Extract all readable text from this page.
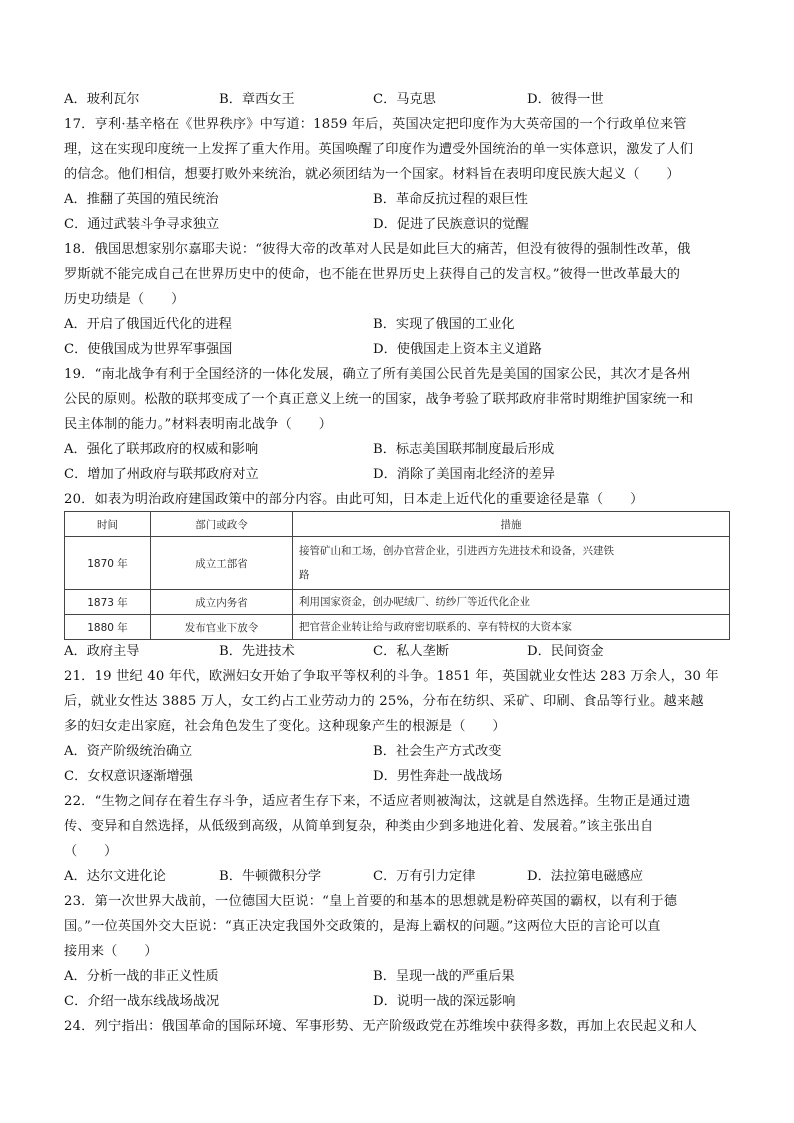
A．玻利瓦尔	B．章西女王	C．马克思	D．彼得一世
17．亨利·基辛格在《世界秩序》中写道：1859 年后，英国决定把印度作为大英帝国的一个行政单位来管
理，这在实现印度统一上发挥了重大作用。英国唤醒了印度作为遭受外国统治的单一实体意识，激发了人们
的信念。他们相信，想要打败外来统治，就必须团结为一个国家。材料旨在表明印度民族大起义（　　）
A．推翻了英国的殖民统治	B．革命反抗过程的艰巨性
C．通过武装斗争寻求独立	D．促进了民族意识的觉醒
18．俄国思想家别尔嘉耶夫说：“彼得大帝的改革对人民是如此巨大的痛苦，但没有彼得的强制性改革，俄
罗斯就不能完成自己在世界历史中的使命，也不能在世界历史上获得自己的发言权。”彼得一世改革最大的
历史功绩是（　　）
A．开启了俄国近代化的进程	B．实现了俄国的工业化
C．使俄国成为世界军事强国	D．使俄国走上资本主义道路
19．“南北战争有利于全国经济的一体化发展，确立了所有美国公民首先是美国的国家公民，其次才是各州
公民的原则。松散的联邦变成了一个真正意义上统一的国家，战争考验了联邦政府非常时期维护国家统一和
民主体制的能力。”材料表明南北战争（　　）
A．强化了联邦政府的权威和影响	B．标志美国联邦制度最后形成
C．增加了州政府与联邦政府对立	D．消除了美国南北经济的差异
20．如表为明治政府建国政策中的部分内容。由此可知，日本走上近代化的重要途径是靠（　　）
时间	部门或政令	措施
1870 年	成立工部省	接管矿山和工场，创办官营企业，引进西方先进技术和设备，兴建铁
路
1873 年	成立内务省	利用国家资金，创办呢绒厂、纺纱厂等近代化企业
1880 年	发布官业下放令	把官营企业转让给与政府密切联系的、享有特权的大资本家
A．政府主导	B．先进技术	C．私人垄断	D．民间资金
21．19 世纪 40 年代，欧洲妇女开始了争取平等权利的斗争。1851 年，英国就业女性达 283 万余人，30 年
后，就业女性达 3885 万人，女工约占工业劳动力的 25%，分布在纺织、采矿、印刷、食品等行业。越来越
多的妇女走出家庭，社会角色发生了变化。这种现象产生的根源是（　　）
A．资产阶级统治确立	B．社会生产方式改变
C．女权意识逐渐增强	D．男性奔赴一战战场
22．“生物之间存在着生存斗争，适应者生存下来，不适应者则被淘汰，这就是自然选择。生物正是通过遗
传、变异和自然选择，从低级到高级，从简单到复杂，种类由少到多地进化着、发展着。”该主张出自
（　　）
A．达尔文进化论	B．牛顿微积分学	C．万有引力定律	D．法拉第电磁感应
23．第一次世界大战前，一位德国大臣说：“皇上首要的和基本的思想就是粉碎英国的霸权，以有利于德
国。”一位英国外交大臣说：“真正决定我国外交政策的，是海上霸权的问题。”这两位大臣的言论可以直
接用来（　　）
A．分析一战的非正义性质	B．呈现一战的严重后果
C．介绍一战东线战场战况	D．说明一战的深远影响
24．列宁指出：俄国革命的国际环境、军事形势、无产阶级政党在苏维埃中获得多数，再加上农民起义和人
